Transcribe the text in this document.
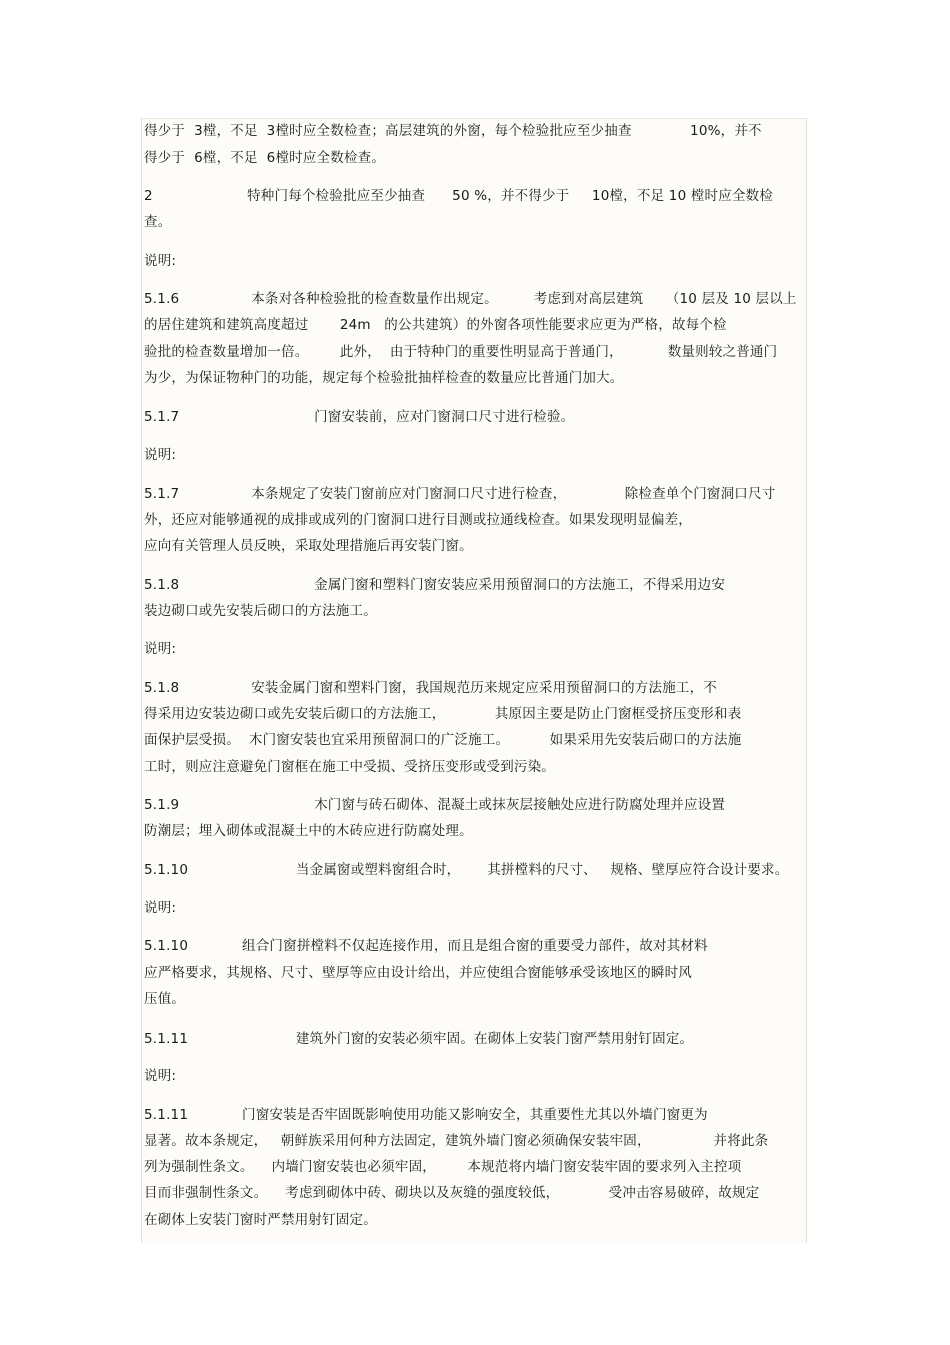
得少于  3樘，不足  3樘时应全数检查；高层建筑的外窗，每个检验批应至少抽查             10%，并不
得少于  6樘，不足  6樘时应全数检查。
2                     特种门每个检验批应至少抽查      50 %，并不得少于     10樘，不足 10 樘时应全数检
查。
说明:
5.1.6                本条对各种检验批的检查数量作出规定。        考虑到对高层建筑     （10 层及 10 层以上
的居住建筑和建筑高度超过       24m   的公共建筑）的外窗各项性能要求应更为严格，故每个检
验批的检查数量增加一倍。       此外，  由于特种门的重要性明显高于普通门，          数量则较之普通门
为少，为保证物种门的功能，规定每个检验批抽样检查的数量应比普通门加大。
5.1.7                              门窗安装前，应对门窗洞口尺寸进行检验。
说明:
5.1.7                本条规定了安装门窗前应对门窗洞口尺寸进行检查，             除检查单个门窗洞口尺寸
外，还应对能够通视的成排或成列的门窗洞口进行目测或拉通线检查。如果发现明显偏差，
应向有关管理人员反映，采取处理措施后再安装门窗。
5.1.8                              金属门窗和塑料门窗安装应采用预留洞口的方法施工，不得采用边安
装边砌口或先安装后砌口的方法施工。
说明:
5.1.8                安装金属门窗和塑料门窗，我国规范历来规定应采用预留洞口的方法施工，不
得采用边安装边砌口或先安装后砌口的方法施工，           其原因主要是防止门窗框受挤压变形和表
面保护层受损。  木门窗安装也宜采用预留洞口的广泛施工。         如果采用先安装后砌口的方法施
工时，则应注意避免门窗框在施工中受损、受挤压变形或受到污染。
5.1.9                              木门窗与砖石砌体、混凝土或抹灰层接触处应进行防腐处理并应设置
防潮层；埋入砌体或混凝土中的木砖应进行防腐处理。
5.1.10                        当金属窗或塑料窗组合时，      其拼樘料的尺寸、   规格、壁厚应符合设计要求。
说明:
5.1.10            组合门窗拼樘料不仅起连接作用，而且是组合窗的重要受力部件，故对其材料
应严格要求，其规格、尺寸、壁厚等应由设计给出，并应使组合窗能够承受该地区的瞬时风
压值。
5.1.11                        建筑外门窗的安装必须牢固。在砌体上安装门窗严禁用射钉固定。
说明:
5.1.11            门窗安装是否牢固既影响使用功能又影响安全，其重要性尤其以外墙门窗更为
显著。故本条规定，   朝鲜族采用何种方法固定，建筑外墙门窗必须确保安装牢固，              并将此条
列为强制性条文。    内墙门窗安装也必须牢固，       本规范将内墙门窗安装牢固的要求列入主控项
目而非强制性条文。    考虑到砌体中砖、砌块以及灰缝的强度较低，           受冲击容易破碎，故规定
在砌体上安装门窗时严禁用射钉固定。
